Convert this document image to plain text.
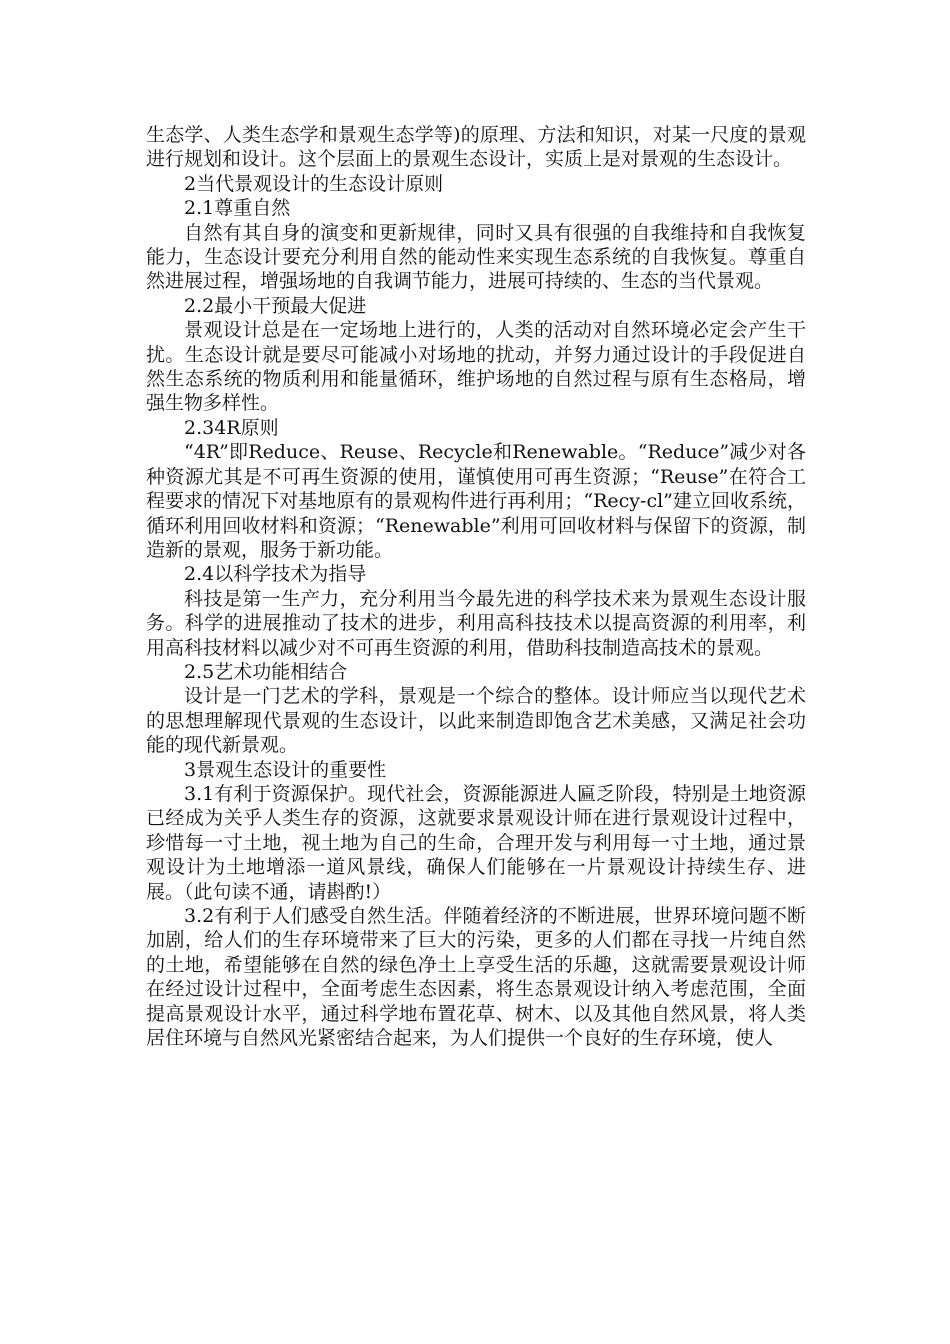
生态学、人类生态学和景观生态学等)的原理、方法和知识，对某一尺度的景观进行规划和设计。这个层面上的景观生态设计，实质上是对景观的生态设计。

2当代景观设计的生态设计原则

2.1尊重自然

自然有其自身的演变和更新规律，同时又具有很强的自我维持和自我恢复能力，生态设计要充分利用自然的能动性来实现生态系统的自我恢复。尊重自然进展过程，增强场地的自我调节能力，进展可持续的、生态的当代景观。

2.2最小干预最大促进

景观设计总是在一定场地上进行的，人类的活动对自然环境必定会产生干扰。生态设计就是要尽可能减小对场地的扰动，并努力通过设计的手段促进自然生态系统的物质利用和能量循环，维护场地的自然过程与原有生态格局，增强生物多样性。

2.34R原则

“4R”即Reduce、Reuse、Recycle和Renewable。“Reduce”减少对各种资源尤其是不可再生资源的使用，谨慎使用可再生资源；“Reuse”在符合工程要求的情况下对基地原有的景观构件进行再利用；“Recy-cl”建立回收系统，循环利用回收材料和资源；“Renewable”利用可回收材料与保留下的资源，制造新的景观，服务于新功能。

2.4以科学技术为指导

科技是第一生产力，充分利用当今最先进的科学技术来为景观生态设计服务。科学的进展推动了技术的进步，利用高科技技术以提高资源的利用率，利用高科技材料以减少对不可再生资源的利用，借助科技制造高技术的景观。

2.5艺术功能相结合

设计是一门艺术的学科，景观是一个综合的整体。设计师应当以现代艺术的思想理解现代景观的生态设计，以此来制造即饱含艺术美感，又满足社会功能的现代新景观。

3景观生态设计的重要性

3.1有利于资源保护。现代社会，资源能源进人匾乏阶段，特别是土地资源已经成为关乎人类生存的资源，这就要求景观设计师在进行景观设计过程中，珍惜每一寸土地，视土地为自己的生命，合理开发与利用每一寸土地，通过景观设计为土地增添一道风景线，确保人们能够在一片景观设计持续生存、进展。（此句读不通，请斟酌!）

3.2有利于人们感受自然生活。伴随着经济的不断进展，世界环境问题不断加剧，给人们的生存环境带来了巨大的污染，更多的人们都在寻找一片纯自然的土地，希望能够在自然的绿色净土上享受生活的乐趣，这就需要景观设计师在经过设计过程中，全面考虑生态因素，将生态景观设计纳入考虑范围，全面提高景观设计水平，通过科学地布置花草、树木、以及其他自然风景，将人类居住环境与自然风光紧密结合起来，为人们提供一个良好的生存环境，使人
